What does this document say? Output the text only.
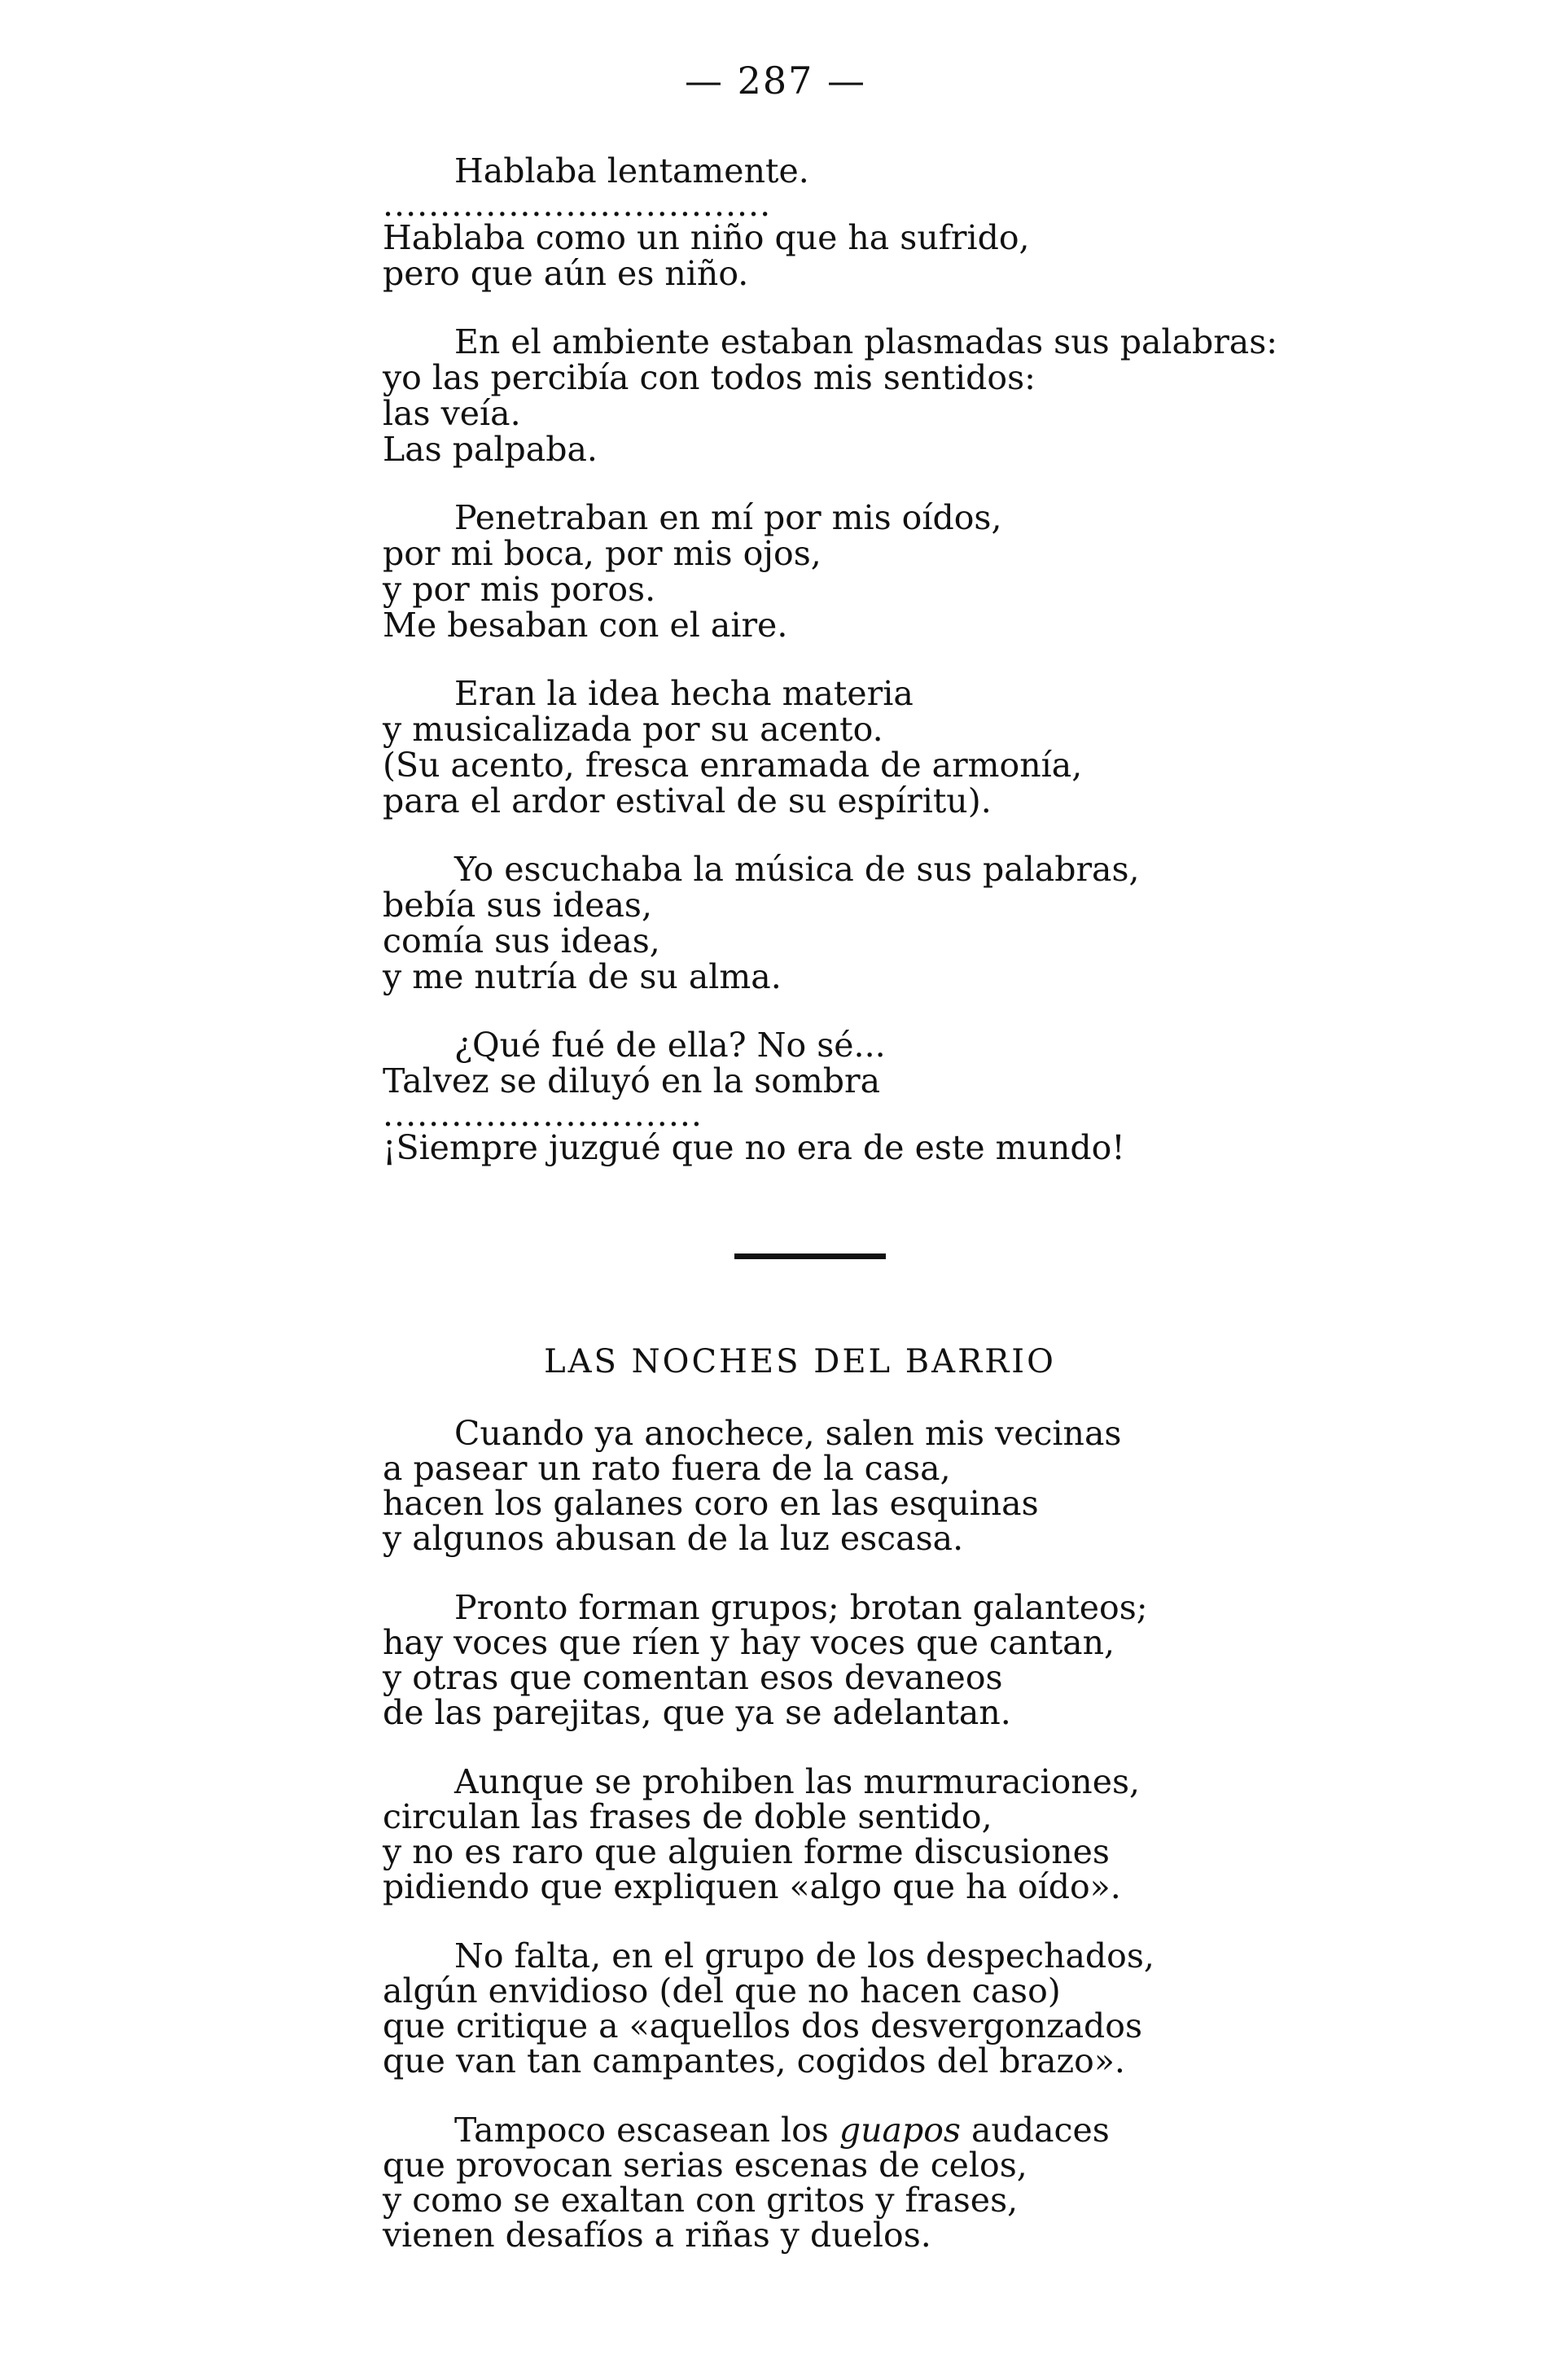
— 287 —
Hablaba lentamente.
..................................
Hablaba como un niño que ha sufrido,
pero que aún es niño.
En el ambiente estaban plasmadas sus palabras:
yo las percibía con todos mis sentidos:
las veía.
Las palpaba.
Penetraban en mí por mis oídos,
por mi boca, por mis ojos,
y por mis poros.
Me besaban con el aire.
Eran la idea hecha materia
y musicalizada por su acento.
(Su acento, fresca enramada de armonía,
para el ardor estival de su espíritu).
Yo escuchaba la música de sus palabras,
bebía sus ideas,
comía sus ideas,
y me nutría de su alma.
¿Qué fué de ella? No sé...
Talvez se diluyó en la sombra
............................
¡Siempre juzgué que no era de este mundo!
LAS NOCHES DEL BARRIO
Cuando ya anochece, salen mis vecinas
a pasear un rato fuera de la casa,
hacen los galanes coro en las esquinas
y algunos abusan de la luz escasa.
Pronto forman grupos; brotan galanteos;
hay voces que ríen y hay voces que cantan,
y otras que comentan esos devaneos
de las parejitas, que ya se adelantan.
Aunque se prohiben las murmuraciones,
circulan las frases de doble sentido,
y no es raro que alguien forme discusiones
pidiendo que expliquen «algo que ha oído».
No falta, en el grupo de los despechados,
algún envidioso (del que no hacen caso)
que critique a «aquellos dos desvergonzados
que van tan campantes, cogidos del brazo».
Tampoco escasean los guapos audaces
que provocan serias escenas de celos,
y como se exaltan con gritos y frases,
vienen desafíos a riñas y duelos.
